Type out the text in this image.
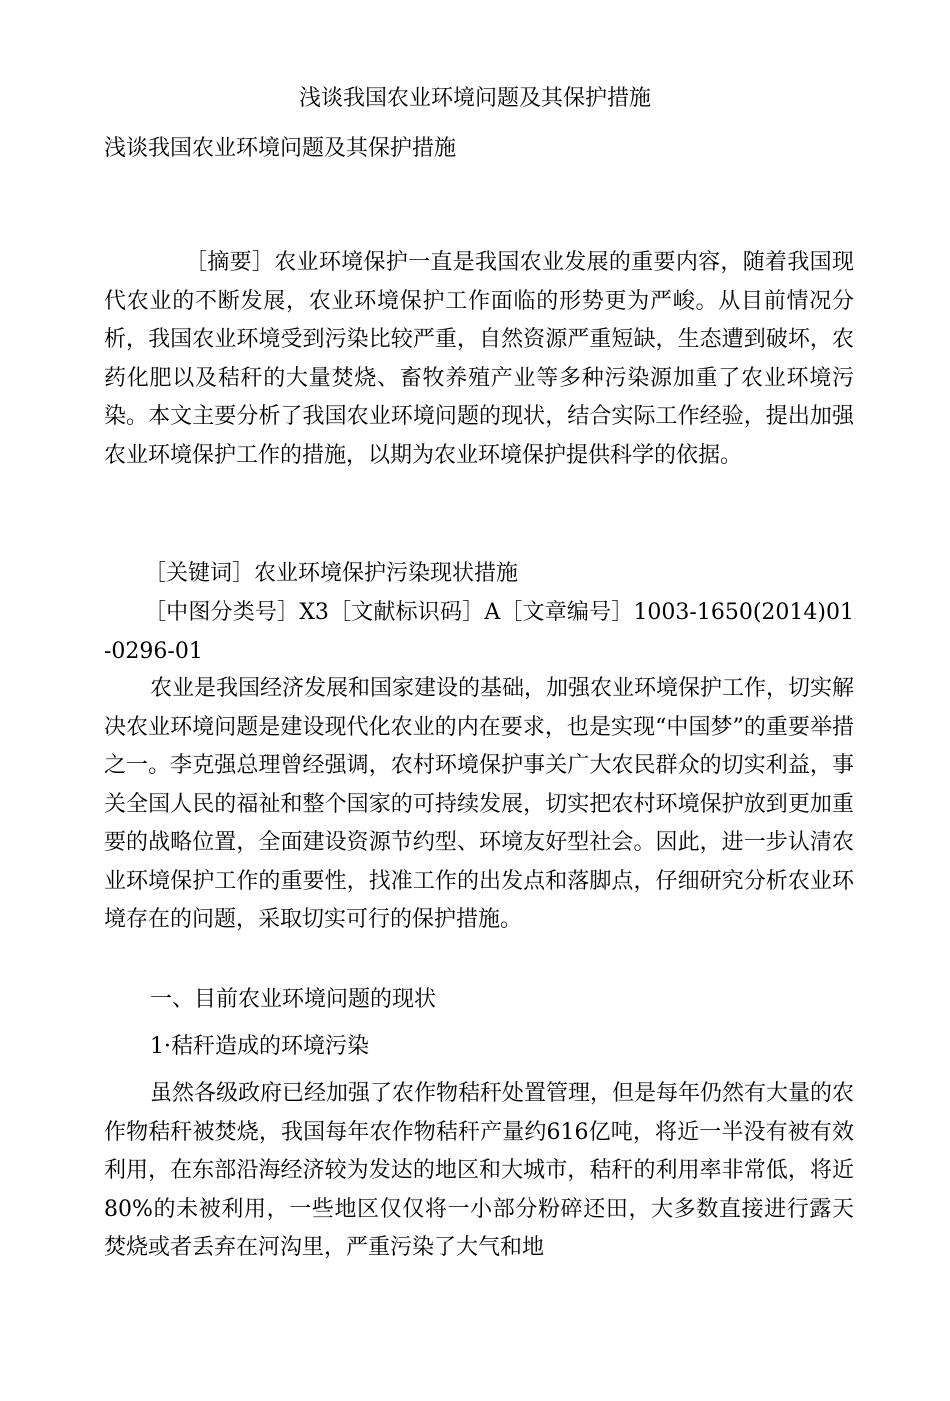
浅谈我国农业环境问题及其保护措施
浅谈我国农业环境问题及其保护措施

［摘要］农业环境保护一直是我国农业发展的重要内容，随着我国现代农业的不断发展，农业环境保护工作面临的形势更为严峻。从目前情况分析，我国农业环境受到污染比较严重，自然资源严重短缺，生态遭到破坏，农药化肥以及秸秆的大量焚烧、畜牧养殖产业等多种污染源加重了农业环境污染。本文主要分析了我国农业环境问题的现状，结合实际工作经验，提出加强农业环境保护工作的措施，以期为农业环境保护提供科学的依据。

［关键词］农业环境保护污染现状措施

［中图分类号］X3［文献标识码］A［文章编号］1003-1650(2014)01-0296-01

农业是我国经济发展和国家建设的基础，加强农业环境保护工作，切实解决农业环境问题是建设现代化农业的内在要求，也是实现“中国梦”的重要举措之一。李克强总理曾经强调，农村环境保护事关广大农民群众的切实利益，事关全国人民的福祉和整个国家的可持续发展，切实把农村环境保护放到更加重要的战略位置，全面建设资源节约型、环境友好型社会。因此，进一步认清农业环境保护工作的重要性，找准工作的出发点和落脚点，仔细研究分析农业环境存在的问题，采取切实可行的保护措施。

一、目前农业环境问题的现状

1·秸秆造成的环境污染

虽然各级政府已经加强了农作物秸秆处置管理，但是每年仍然有大量的农作物秸秆被焚烧，我国每年农作物秸秆产量约616亿吨，将近一半没有被有效利用，在东部沿海经济较为发达的地区和大城市，秸秆的利用率非常低，将近80%的未被利用，一些地区仅仅将一小部分粉碎还田，大多数直接进行露天焚烧或者丢弃在河沟里，严重污染了大气和地
